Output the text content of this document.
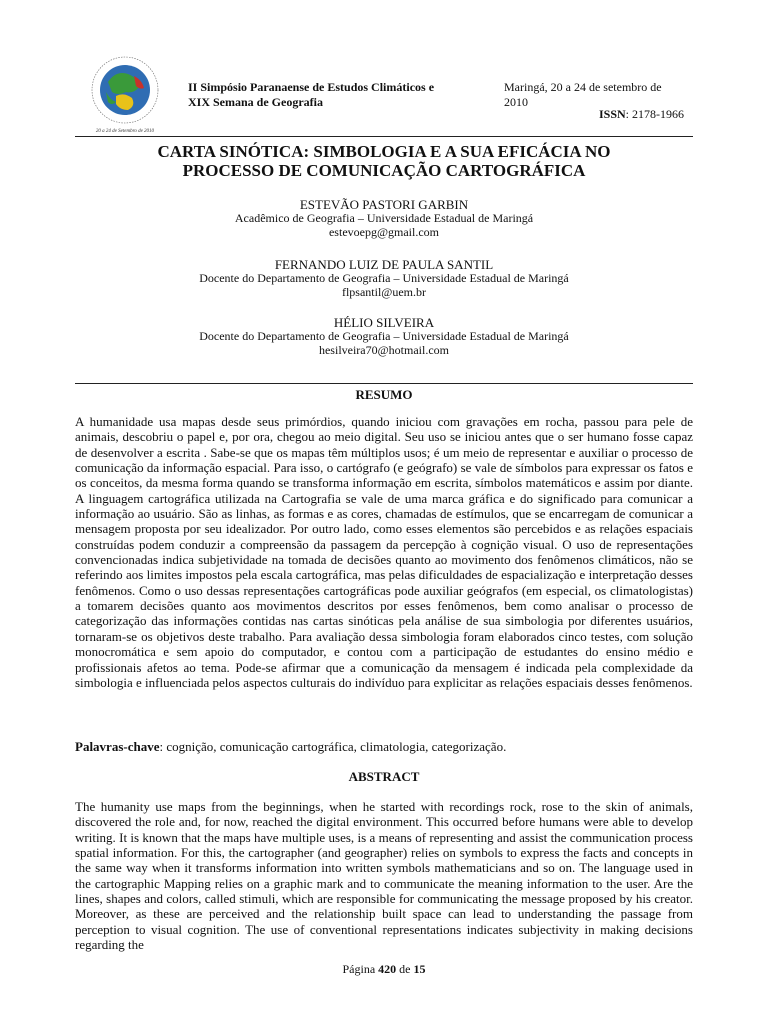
20 a 24 de Setembro de 2010
II Simpósio Paranaense de Estudos Climáticos e
XIX Semana de Geografia
Maringá, 20 a 24 de setembro de 2010
ISSN: 2178-1966
CARTA SINÓTICA: SIMBOLOGIA E A SUA EFICÁCIA NO
PROCESSO DE COMUNICAÇÃO CARTOGRÁFICA
ESTEVÃO PASTORI GARBIN
Acadêmico de Geografia – Universidade Estadual de Maringá
estevoepg@gmail.com
FERNANDO LUIZ DE PAULA SANTIL
Docente do Departamento de Geografia – Universidade Estadual de Maringá
flpsantil@uem.br
HÉLIO SILVEIRA
Docente do Departamento de Geografia – Universidade Estadual de Maringá
hesilveira70@hotmail.com
RESUMO
A humanidade usa mapas desde seus primórdios, quando iniciou com gravações em rocha, passou para pele de animais, descobriu o papel e, por ora, chegou ao meio digital. Seu uso se iniciou antes que o ser humano fosse capaz de desenvolver a escrita . Sabe-se que os mapas têm múltiplos usos; é um meio de representar e auxiliar o processo de comunicação da informação espacial. Para isso, o cartógrafo (e geógrafo) se vale de símbolos para expressar os fatos e os conceitos, da mesma forma quando se transforma informação em escrita, símbolos matemáticos e assim por diante. A linguagem cartográfica utilizada na Cartografia se vale de uma marca gráfica e do significado para comunicar a informação ao usuário. São as linhas, as formas e as cores, chamadas de estímulos, que se encarregam de comunicar a mensagem proposta por seu idealizador. Por outro lado, como esses elementos são percebidos e as relações espaciais construídas podem conduzir a compreensão da passagem da percepção à cognição visual. O uso de representações convencionadas indica subjetividade na tomada de decisões quanto ao movimento dos fenômenos climáticos, não se referindo aos limites impostos pela escala cartográfica, mas pelas dificuldades de espacialização e interpretação desses fenômenos. Como o uso dessas representações cartográficas pode auxiliar geógrafos (em especial, os climatologistas) a tomarem decisões quanto aos movimentos descritos por esses fenômenos, bem como analisar o processo de categorização das informações contidas nas cartas sinóticas pela análise de sua simbologia por diferentes usuários, tornaram-se os objetivos deste trabalho. Para avaliação dessa simbologia foram elaborados cinco testes, com solução monocromática e sem apoio do computador, e contou com a participação de estudantes do ensino médio e profissionais afetos ao tema. Pode-se afirmar que a comunicação da mensagem é indicada pela complexidade da simbologia e influenciada pelos aspectos culturais do indivíduo para explicitar as relações espaciais desses fenômenos.
Palavras-chave: cognição, comunicação cartográfica, climatologia, categorização.
ABSTRACT
The humanity use maps from the beginnings, when he started with recordings rock, rose to the skin of animals, discovered the role and, for now, reached the digital environment. This occurred before humans were able to develop writing. It is known that the maps have multiple uses, is a means of representing and assist the communication process spatial information. For this, the cartographer (and geographer) relies on symbols to express the facts and concepts in the same way when it transforms information into written symbols mathematicians and so on. The language used in the cartographic Mapping relies on a graphic mark and to communicate the meaning information to the user. Are the lines, shapes and colors, called stimuli, which are responsible for communicating the message proposed by his creator. Moreover, as these are perceived and the relationship built space can lead to understanding the passage from perception to visual cognition. The use of conventional representations indicates subjectivity in making decisions regarding the
Página 420 de 15
